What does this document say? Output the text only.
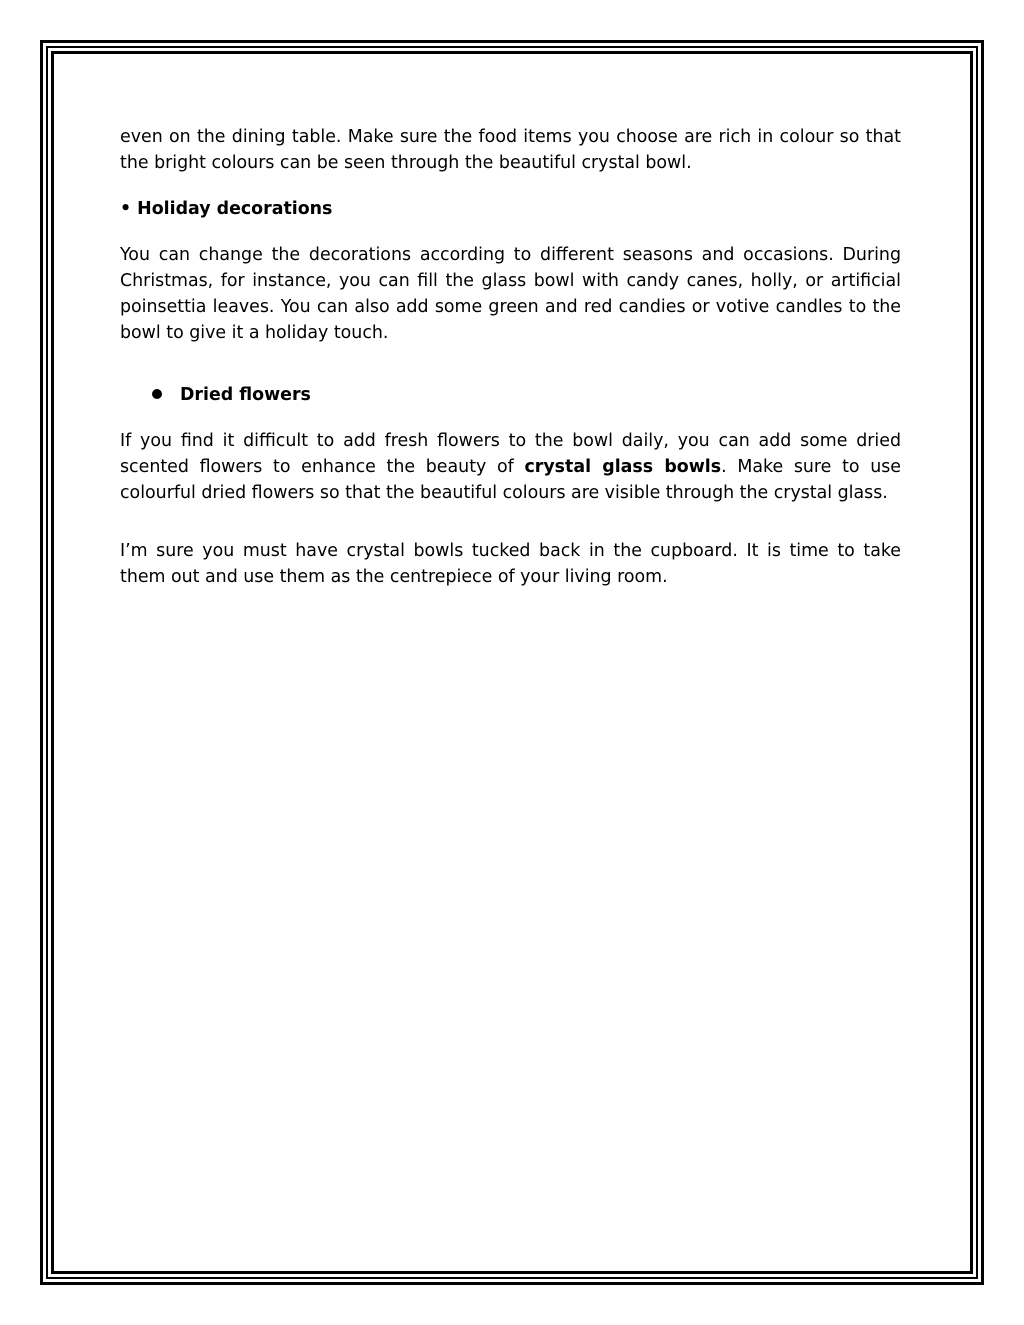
even on the dining table. Make sure the food items you choose are rich in colour so that the bright colours can be seen through the beautiful crystal bowl.

• Holiday decorations

You can change the decorations according to different seasons and occasions. During Christmas, for instance, you can fill the glass bowl with candy canes, holly, or artificial poinsettia leaves. You can also add some green and red candies or votive candles to the bowl to give it a holiday touch.

Dried flowers

If you find it difficult to add fresh flowers to the bowl daily, you can add some dried scented flowers to enhance the beauty of crystal glass bowls. Make sure to use colourful dried flowers so that the beautiful colours are visible through the crystal glass.

I’m sure you must have crystal bowls tucked back in the cupboard. It is time to take them out and use them as the centrepiece of your living room.
